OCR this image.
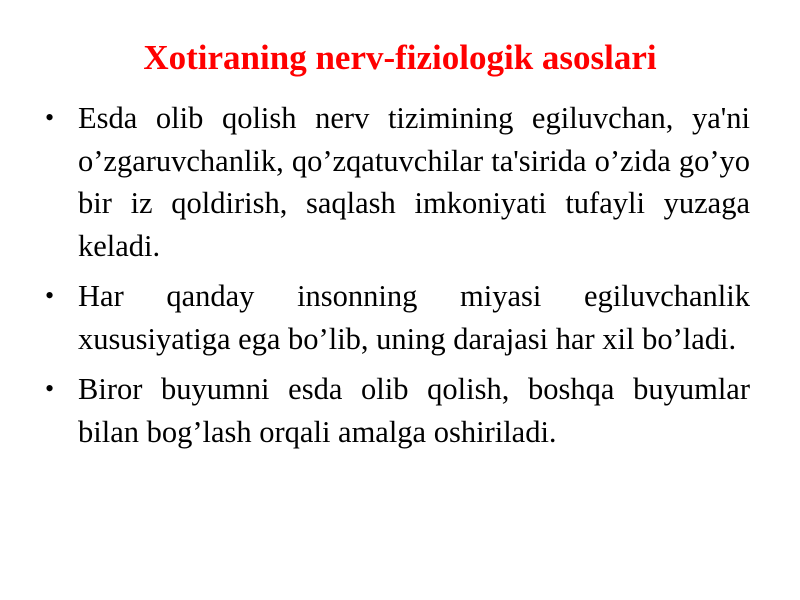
Xotiraning nerv-fiziologik asoslari
• Esda olib qolish nerv tizimining egiluvchan, ya'ni o’zgaruvchanlik, qo’zqatuvchilar ta'sirida o’zida go’yo bir iz qoldirish, saqlash imkoniyati tufayli yuzaga keladi.
• Har qanday insonning miyasi egiluvchanlik xususiyatiga ega bo’lib, uning darajasi har xil bo’ladi.
• Biror buyumni esda olib qolish, boshqa buyumlar bilan bog’lash orqali amalga oshiriladi.
